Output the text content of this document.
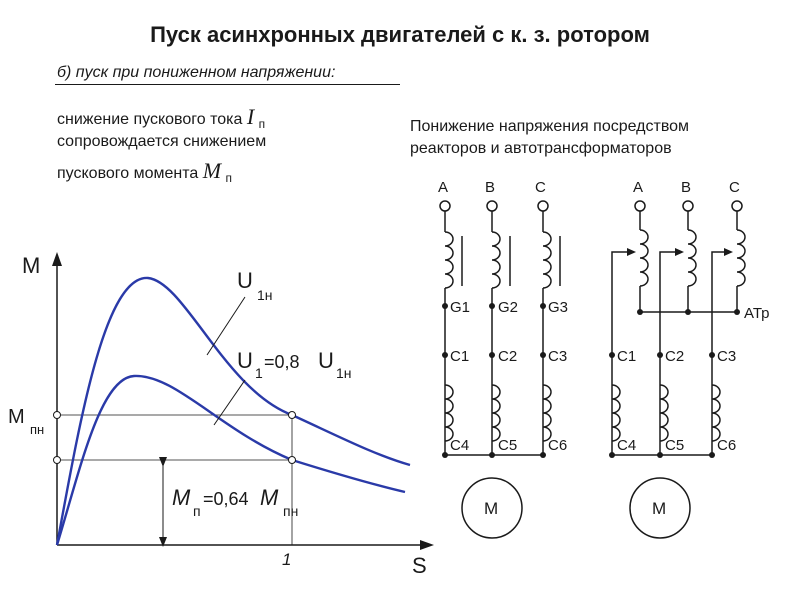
Пуск асинхронных двигателей с к. з. ротором
б) пуск при пониженном напряжении:
снижение пускового тока I $_п$
сопровождается снижением
пускового момента M $_п$
Понижение напряжения посредством
реакторов и автотрансформаторов
M
S
1
M
пн
U
1н
U 1
=0,8 U 1н
M
п
=0,64 M
пн
A B	C
G1 G2 G3
C1 C2 C3
C4 C5 C6
M
A	B	C
АТр
C1 C2 C3
C4 C5 C6
M
